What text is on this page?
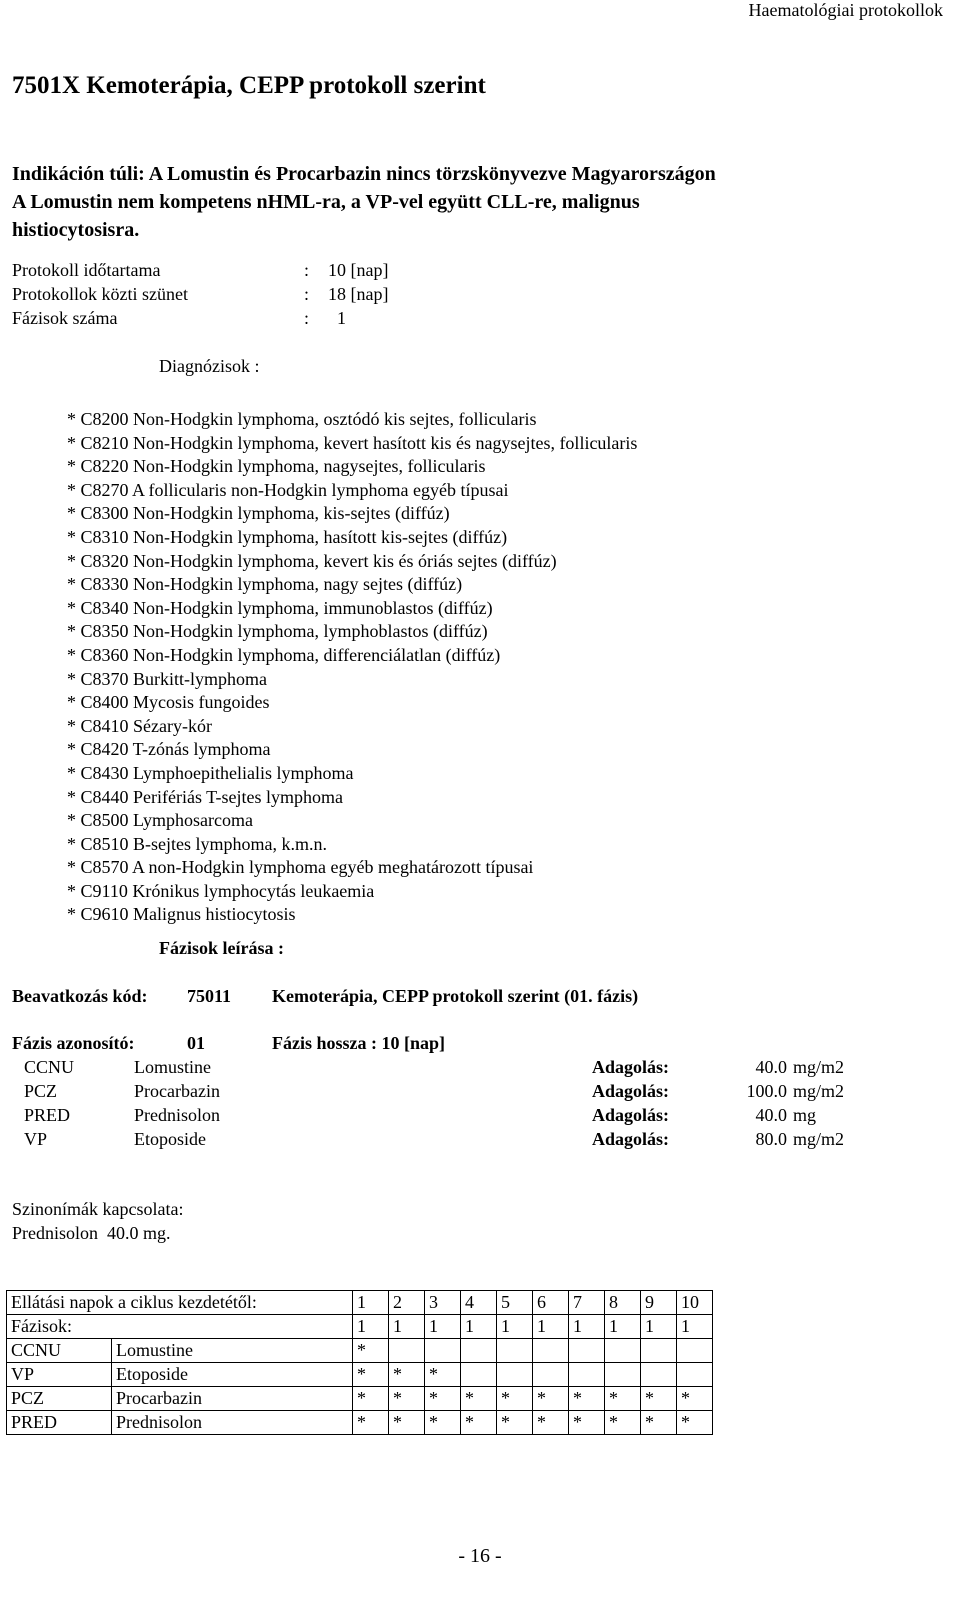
Haematológiai protokollok
7501X Kemoterápia, CEPP protokoll szerint
Indikáción túli: A Lomustin és Procarbazin nincs törzskönyvezve Magyarországon
A Lomustin nem kompetens nHML-ra, a VP-vel együtt CLL-re, malignus
histiocytosisra.
Protokoll időtartama	: 10 [nap]
Protokollok közti szünet	: 18 [nap]
Fázisok száma	:  1
Diagnózisok :
* C8200 Non-Hodgkin lymphoma, osztódó kis sejtes, follicularis
* C8210 Non-Hodgkin lymphoma, kevert hasított kis és nagysejtes, follicularis
* C8220 Non-Hodgkin lymphoma, nagysejtes, follicularis
* C8270 A follicularis non-Hodgkin lymphoma egyéb típusai
* C8300 Non-Hodgkin lymphoma, kis-sejtes (diffúz)
* C8310 Non-Hodgkin lymphoma, hasított kis-sejtes (diffúz)
* C8320 Non-Hodgkin lymphoma, kevert kis és óriás sejtes (diffúz)
* C8330 Non-Hodgkin lymphoma, nagy sejtes (diffúz)
* C8340 Non-Hodgkin lymphoma, immunoblastos (diffúz)
* C8350 Non-Hodgkin lymphoma, lymphoblastos (diffúz)
* C8360 Non-Hodgkin lymphoma, differenciálatlan (diffúz)
* C8370 Burkitt-lymphoma
* C8400 Mycosis fungoides
* C8410 Sézary-kór
* C8420 T-zónás lymphoma
* C8430 Lymphoepithelialis lymphoma
* C8440 Perifériás T-sejtes lymphoma
* C8500 Lymphosarcoma
* C8510 B-sejtes lymphoma, k.m.n.
* C8570 A non-Hodgkin lymphoma egyéb meghatározott típusai
* C9110 Krónikus lymphocytás leukaemia
* C9610 Malignus histiocytosis
Fázisok leírása :
Beavatkozás kód: 75011 Kemoterápia, CEPP protokoll szerint (01. fázis)
Fázis azonosító:	01	Fázis hossza : 10 [nap]
CCNU	Lomustine	Adagolás:	40.0 mg/m2
PCZ	Procarbazin	Adagolás:	100.0 mg/m2
PRED	Prednisolon	Adagolás:	40.0 mg
VP	Etoposide	Adagolás:	80.0 mg/m2
Szinonímák kapcsolata:
Prednisolon  40.0 mg.
Ellátási napok a ciklus kezdetétől:		1	2	3	4	5	6	7	8	9	10
Fázisok:		1	1	1	1	1	1	1	1	1	1
CCNU	Lomustine	*									
VP	Etoposide	*	*	*							
PCZ	Procarbazin	*	*	*	*	*	*	*	*	*	*
PRED	Prednisolon	*	*	*	*	*	*	*	*	*	*
- 16 -
